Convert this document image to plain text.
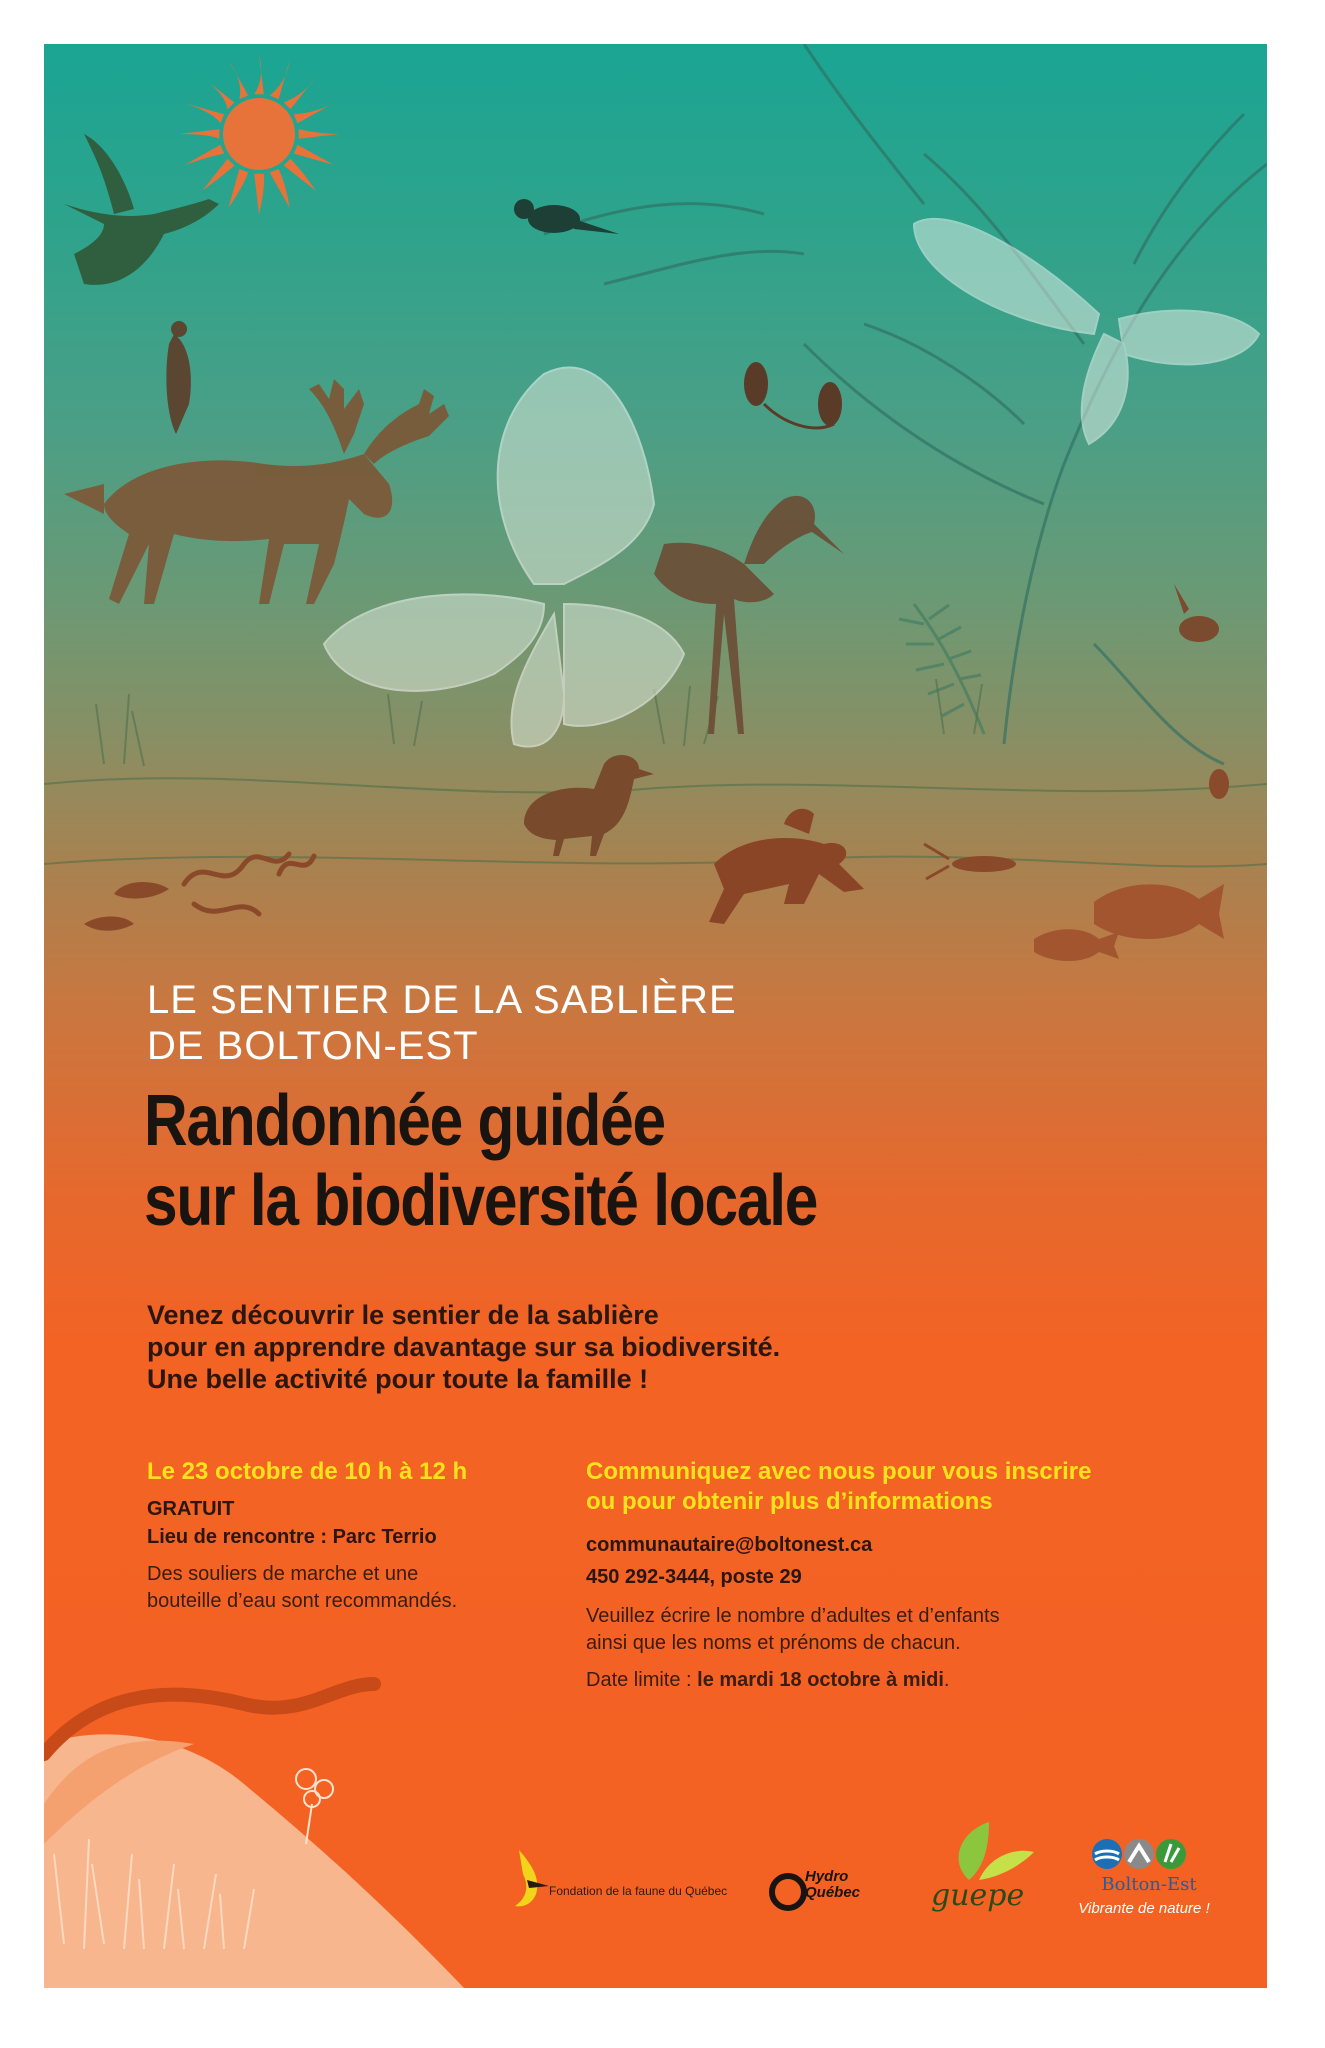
LE SENTIER DE LA SABLIÈRE
DE BOLTON-EST
Randonnée guidée
sur la biodiversité locale
Venez découvrir le sentier de la sablière
pour en apprendre davantage sur sa biodiversité.
Une belle activité pour toute la famille !
Le 23 octobre de 10 h à 12 h
GRATUIT
Lieu de rencontre : Parc Terrio
Des souliers de marche et une
bouteille d’eau sont recommandés.
Communiquez avec nous pour vous inscrire
ou pour obtenir plus d’informations
communautaire@boltonest.ca
450 292-3444, poste 29
Veuillez écrire le nombre d’adultes et d’enfants
ainsi que les noms et prénoms de chacun.
Date limite : le mardi 18 octobre à midi.
Fondation de la faune du Québec
Hydro
Québec guepe	Bolton-Est
Vibrante de nature !
